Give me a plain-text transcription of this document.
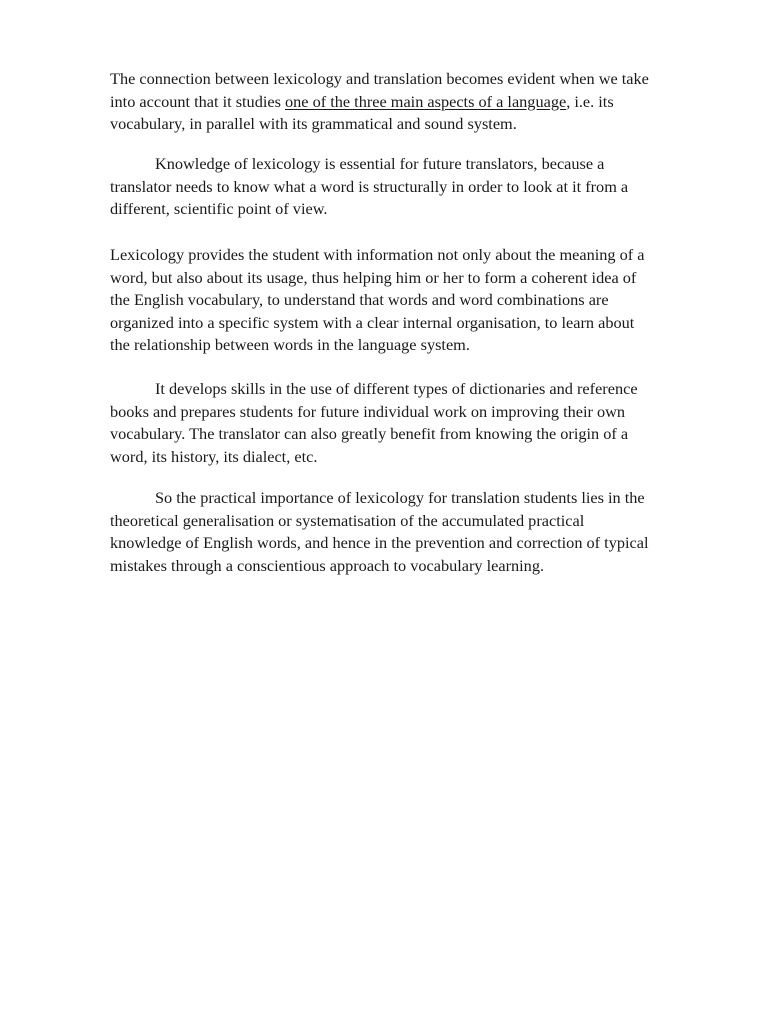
The connection between lexicology and translation becomes evident when we take
into account that it studies one of the three main aspects of a language, i.e. its
vocabulary, in parallel with its grammatical and sound system.

Knowledge of lexicology is essential for future translators, because a
translator needs to know what a word is structurally in order to look at it from a
different, scientific point of view.

Lexicology provides the student with information not only about the meaning of a
word, but also about its usage, thus helping him or her to form a coherent idea of
the English vocabulary, to understand that words and word combinations are
organized into a specific system with a clear internal organisation, to learn about
the relationship between words in the language system.

It develops skills in the use of different types of dictionaries and reference
books and prepares students for future individual work on improving their own
vocabulary. The translator can also greatly benefit from knowing the origin of a
word, its history, its dialect, etc.

So the practical importance of lexicology for translation students lies in the
theoretical generalisation or systematisation of the accumulated practical
knowledge of English words, and hence in the prevention and correction of typical
mistakes through a conscientious approach to vocabulary learning.
